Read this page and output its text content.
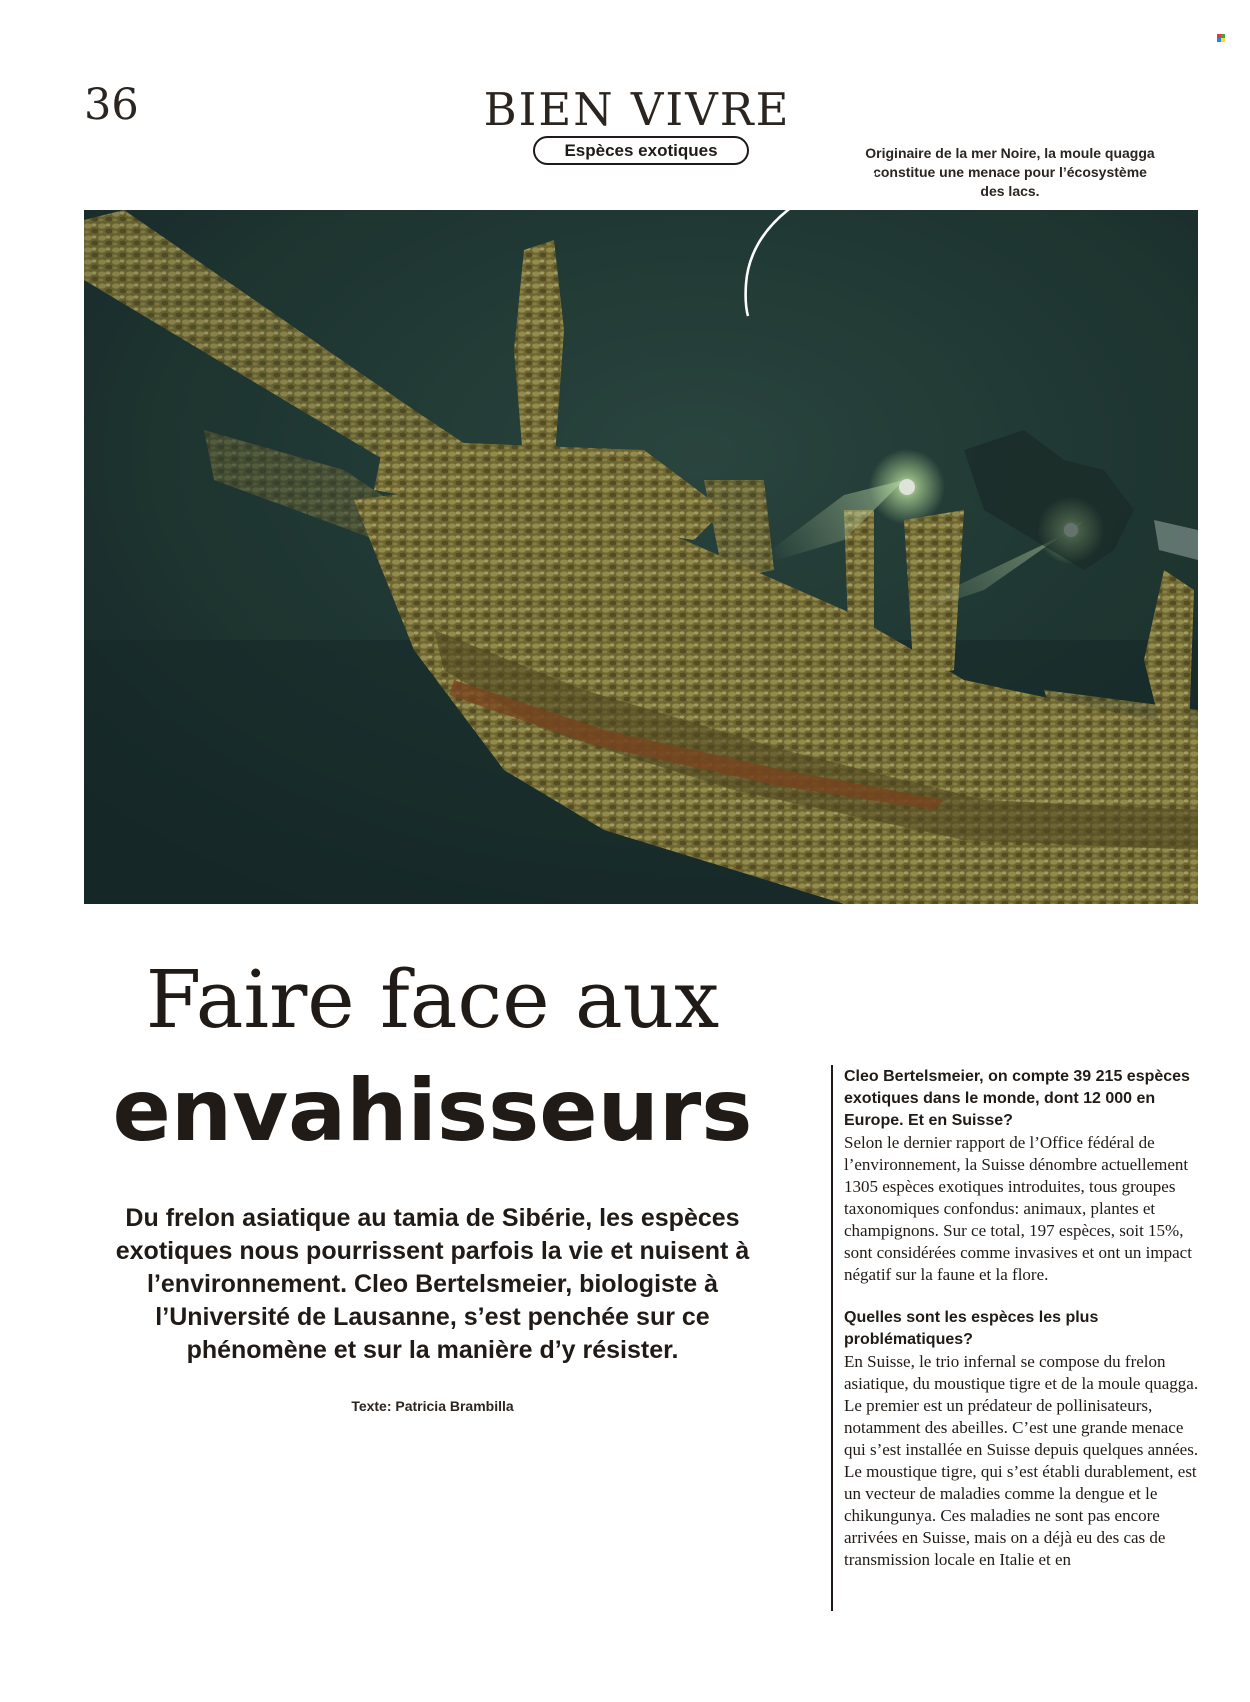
36	BIEN VIVRE
Espèces exotiques	Originaire de la mer Noire, la moule quagga constitue une menace pour l’écosystème des lacs.
Faire face aux
envahisseurs
Du frelon asiatique au tamia de Sibérie, les espèces exotiques nous pourrissent parfois la vie et nuisent à l’environnement. Cleo Bertelsmeier, biologiste à l’Université de Lausanne, s’est penchée sur ce phénomène et sur la manière d’y résister.
Texte: Patricia Brambilla

Cleo Bertelsmeier, on compte 39 215 espèces exotiques dans le monde, dont 12 000 en Europe. Et en Suisse?

Selon le dernier rapport de l’Office fédéral de l’environnement, la Suisse dénombre actuellement 1305 espèces exotiques introduites, tous groupes taxonomiques confondus: animaux, plantes et champignons. Sur ce total, 197 espèces, soit 15%, sont considérées comme invasives et ont un impact négatif sur la faune et la flore.

Quelles sont les espèces les plus problématiques?

En Suisse, le trio infernal se compose du frelon asiatique, du moustique tigre et de la moule quagga. Le premier est un prédateur de pollinisateurs, notamment des abeilles. C’est une grande menace qui s’est installée en Suisse depuis quelques années. Le moustique tigre, qui s’est établi durablement, est un vecteur de maladies comme la dengue et le chikungunya. Ces maladies ne sont pas encore arrivées en Suisse, mais on a déjà eu des cas de transmission locale en Italie et en
